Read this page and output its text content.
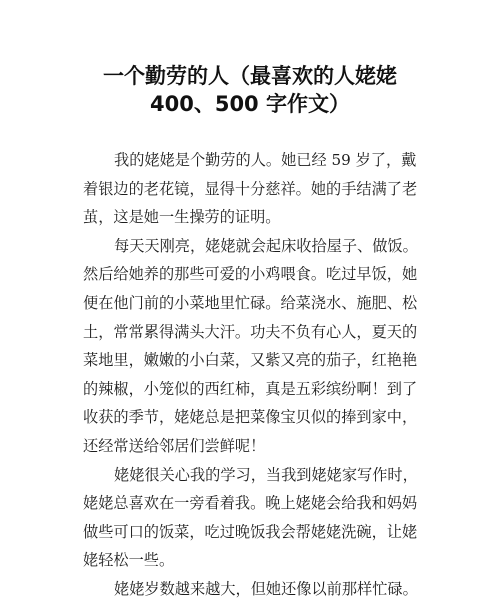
一个勤劳的人（最喜欢的人姥姥
400、500 字作文）
我的姥姥是个勤劳的人。她已经 59 岁了，戴
着银边的老花镜，显得十分慈祥。她的手结满了老
茧，这是她一生操劳的证明。
每天天刚亮，姥姥就会起床收拾屋子、做饭。
然后给她养的那些可爱的小鸡喂食。吃过早饭，她
便在他门前的小菜地里忙碌。给菜浇水、施肥、松
土，常常累得满头大汗。功夫不负有心人，夏天的
菜地里，嫩嫩的小白菜，又紫又亮的茄子，红艳艳
的辣椒，小笼似的西红柿，真是五彩缤纷啊！到了
收获的季节，姥姥总是把菜像宝贝似的捧到家中，
还经常送给邻居们尝鲜呢！
姥姥很关心我的学习，当我到姥姥家写作时，
姥姥总喜欢在一旁看着我。晚上姥姥会给我和妈妈
做些可口的饭菜，吃过晚饭我会帮姥姥洗碗，让姥
姥轻松一些。
姥姥岁数越来越大，但她还像以前那样忙碌。
